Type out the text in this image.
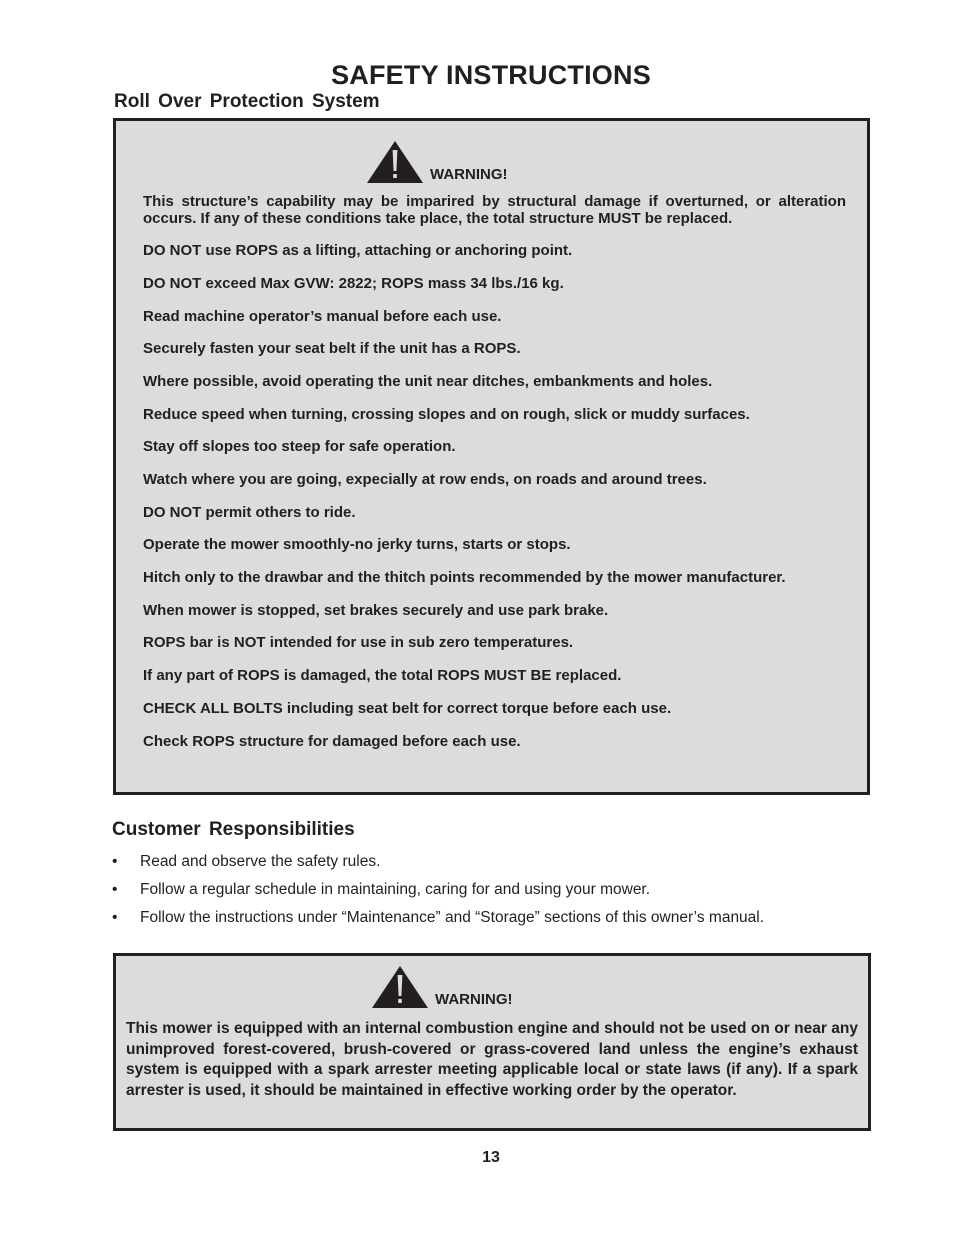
SAFETY INSTRUCTIONS
Roll Over Protection System
WARNING!
This structure’s capability may be imparired by structural damage if overturned, or alteration occurs. If any of these conditions take place, the total structure MUST be replaced.
DO NOT use ROPS as a lifting, attaching or anchoring point.
DO NOT exceed Max GVW: 2822; ROPS mass 34 lbs./16 kg.
Read machine operator’s manual before each use.
Securely fasten your seat belt if the unit has a ROPS.
Where possible, avoid operating the unit near ditches, embankments and holes.
Reduce speed when turning, crossing slopes and on rough, slick or muddy surfaces.
Stay off slopes too steep for safe operation.
Watch where you are going, expecially at row ends, on roads and around trees.
DO NOT permit others to ride.
Operate the mower smoothly-no jerky turns, starts or stops.
Hitch only to the drawbar and the thitch points recommended by the mower manufacturer.
When mower is stopped, set brakes securely and use park brake.
ROPS bar is NOT intended for use in sub zero temperatures.
If any part of ROPS is damaged, the total ROPS MUST BE replaced.
CHECK ALL BOLTS including seat belt for correct torque before each use.
Check ROPS structure for damaged before each use.
Customer Responsibilities
• Read and observe the safety rules.
• Follow a regular schedule in maintaining, caring for and using your mower.
• Follow the instructions under “Maintenance” and “Storage” sections of this owner’s manual.
WARNING!
This mower is equipped with an internal combustion engine and should not be used on or near any unimproved forest-covered, brush-covered or grass-covered land unless the engine’s exhaust system is equipped with a spark arrester meeting applicable local or state laws (if any). If a spark arrester is used, it should be maintained in effective working order by the operator.
13
